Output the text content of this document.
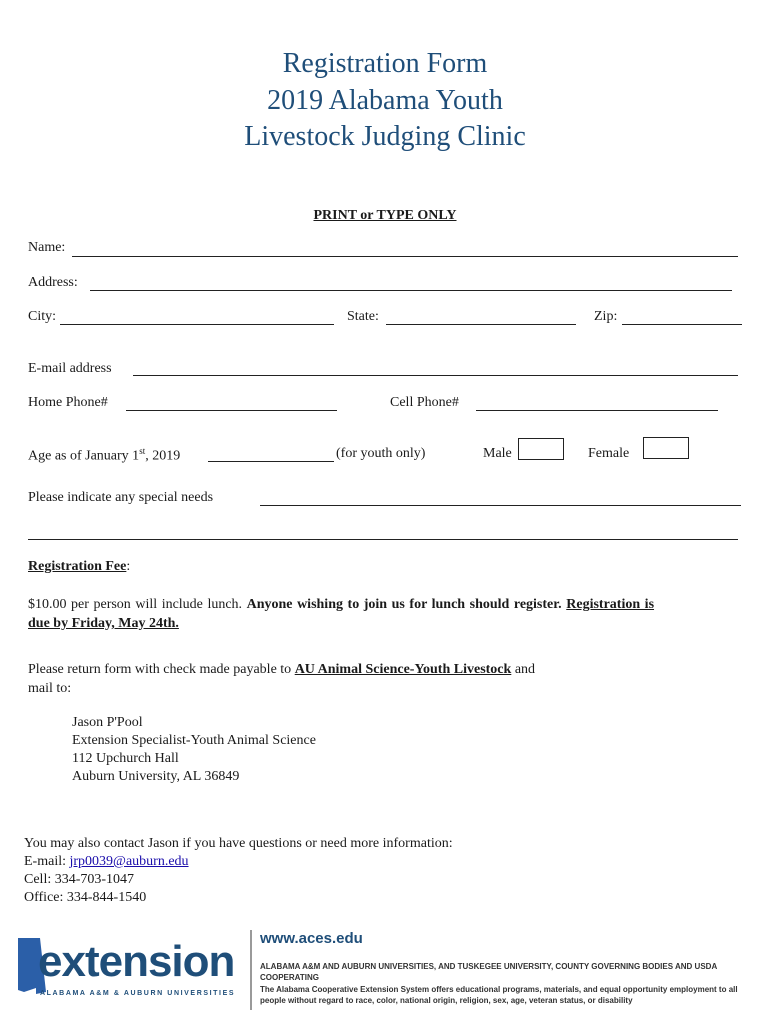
Registration Form
2019 Alabama Youth
Livestock Judging Clinic
PRINT or TYPE ONLY
Name:
Address:
City:	State:	Zip:
E-mail address
Home Phone#	Cell Phone#
Age as of January 1st, 2019	(for youth only)	Male	Female
Please indicate any special needs
Registration Fee:
$10.00 per person will include lunch. Anyone wishing to join us for lunch should register. Registration is due by Friday, May 24th.
Please return form with check made payable to AU Animal Science-Youth Livestock and
mail to:
Jason P'Pool
Extension Specialist-Youth Animal Science
112 Upchurch Hall
Auburn University, AL 36849
You may also contact Jason if you have questions or need more information:
E-mail: jrp0039@auburn.edu
Cell: 334-703-1047
Office: 334-844-1540
extension
ALABAMA A&M & AUBURN UNIVERSITIES
www.aces.edu
ALABAMA A&M AND AUBURN UNIVERSITIES, AND TUSKEGEE UNIVERSITY, COUNTY GOVERNING BODIES AND USDA COOPERATING
The Alabama Cooperative Extension System offers educational programs, materials, and equal opportunity employment to all people without regard to race, color, national origin, religion, sex, age, veteran status, or disability
